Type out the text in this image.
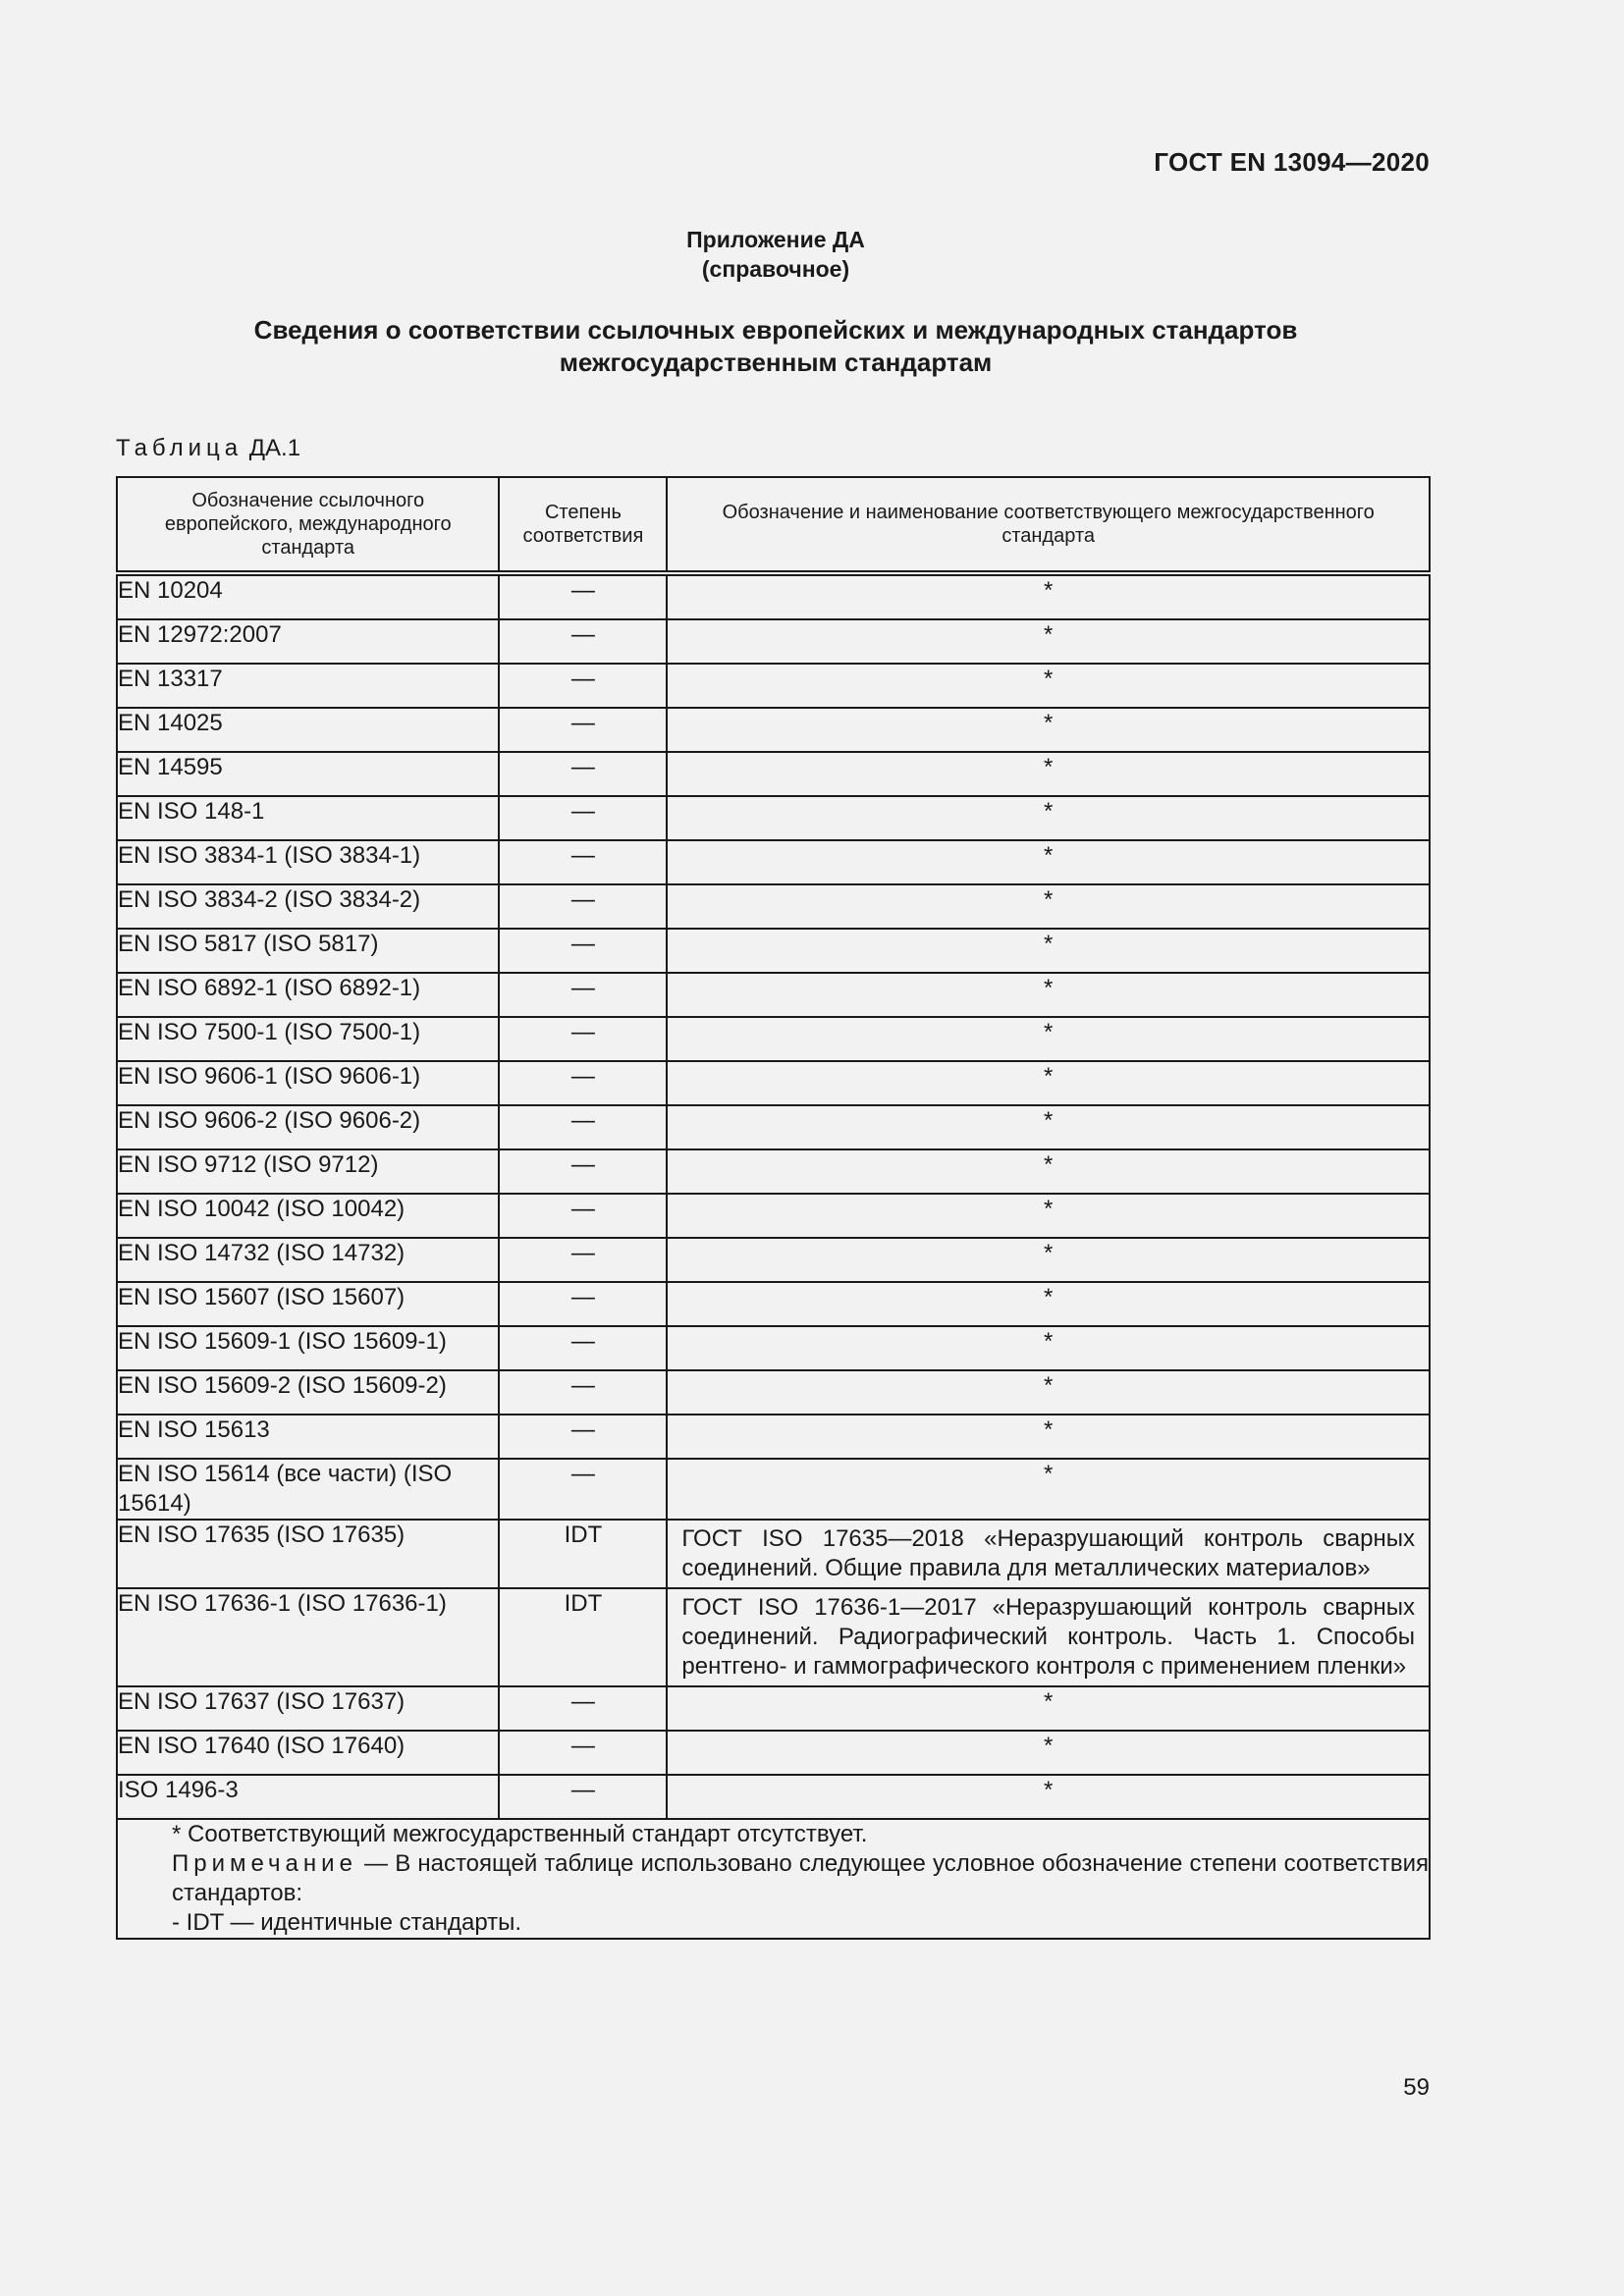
ГОСТ EN 13094—2020
Приложение ДА
(справочное)
Сведения о соответствии ссылочных европейских и международных стандартов
межгосударственным стандартам
Таблица ДА.1
Обозначение ссылочного европейского, международного стандарта	Степень соответствия	Обозначение и наименование соответствующего межгосударственного стандарта
EN 10204	—	*
EN 12972:2007	—	*
EN 13317	—	*
EN 14025	—	*
EN 14595	—	*
EN ISO 148-1	—	*
EN ISO 3834-1 (ISO 3834-1)	—	*
EN ISO 3834-2 (ISO 3834-2)	—	*
EN ISO 5817 (ISO 5817)	—	*
EN ISO 6892-1 (ISO 6892-1)	—	*
EN ISO 7500-1 (ISO 7500-1)	—	*
EN ISO 9606-1 (ISO 9606-1)	—	*
EN ISO 9606-2 (ISO 9606-2)	—	*
EN ISO 9712 (ISO 9712)	—	*
EN ISO 10042 (ISO 10042)	—	*
EN ISO 14732 (ISO 14732)	—	*
EN ISO 15607 (ISO 15607)	—	*
EN ISO 15609-1 (ISO 15609-1)	—	*
EN ISO 15609-2 (ISO 15609-2)	—	*
EN ISO 15613	—	*
EN ISO 15614 (все части) (ISO 15614)	—	*
EN ISO 17635 (ISO 17635)	IDT	ГОСТ ISO 17635—2018 «Неразрушающий контроль сварных соединений. Общие правила для металлических материалов»
EN ISO 17636-1 (ISO 17636-1)	IDT	ГОСТ ISO 17636-1—2017 «Неразрушающий контроль сварных соединений. Радиографический контроль. Часть 1. Способы рентгено- и гаммографического контроля с применением пленки»
EN ISO 17637 (ISO 17637)	—	*
EN ISO 17640 (ISO 17640)	—	*
ISO 1496-3	—	*

* Соответствующий межгосударственный стандарт отсутствует.
Примечание — В настоящей таблице использовано следующее условное обозначение степени соответствия стандартов:
- IDT — идентичные стандарты.		
59
